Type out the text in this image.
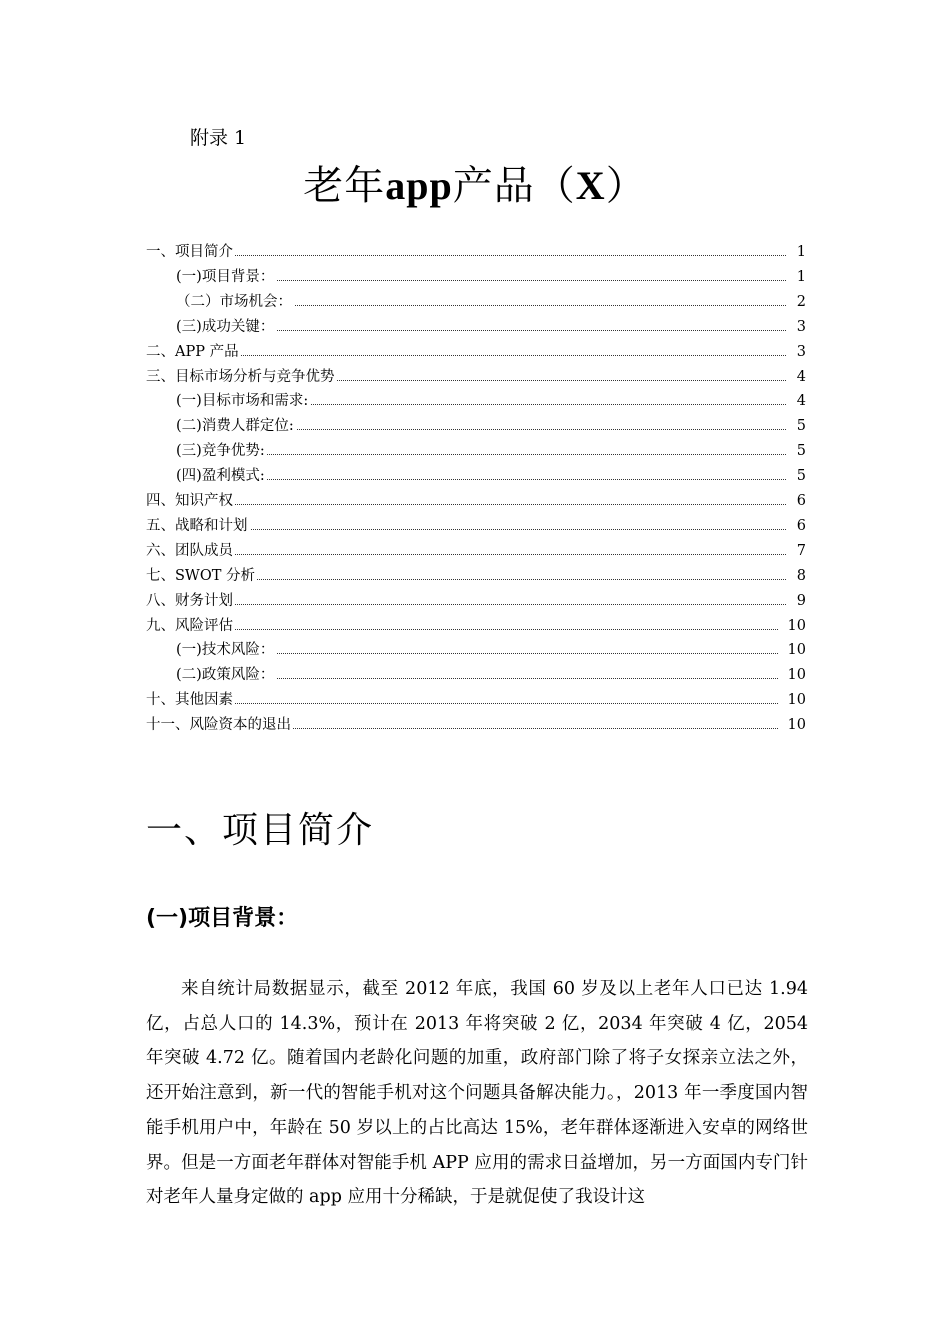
附录 1
老年app产品（X）
一、项目简介	1
(一)项目背景：	1
（二）市场机会：	2
(三)成功关键：	3
二、APP 产品	3
三、目标市场分析与竞争优势	4
(一)目标市场和需求:	4
(二)消费人群定位:	5
(三)竞争优势:	5
(四)盈利模式:	5
四、知识产权	6
五、战略和计划	6
六、团队成员	7
七、SWOT 分析	8
八、财务计划	9
九、风险评估	10
(一)技术风险：	10
(二)政策风险：	10
十、其他因素	10
十一、风险资本的退出	10
一、项目简介
(一)项目背景：

来自统计局数据显示，截至 2012 年底，我国 60 岁及以上老年人口已达 1.94 亿，占总人口的 14.3%，预计在 2013 年将突破 2 亿，2034 年突破 4 亿，2054 年突破 4.72 亿。随着国内老龄化问题的加重，政府部门除了将子女探亲立法之外，还开始注意到，新一代的智能手机对这个问题具备解决能力。，2013 年一季度国内智能手机用户中，年龄在 50 岁以上的占比高达 15%，老年群体逐渐进入安卓的网络世界。但是一方面老年群体对智能手机 APP 应用的需求日益增加，另一方面国内专门针对老年人量身定做的 app 应用十分稀缺，于是就促使了我设计这
